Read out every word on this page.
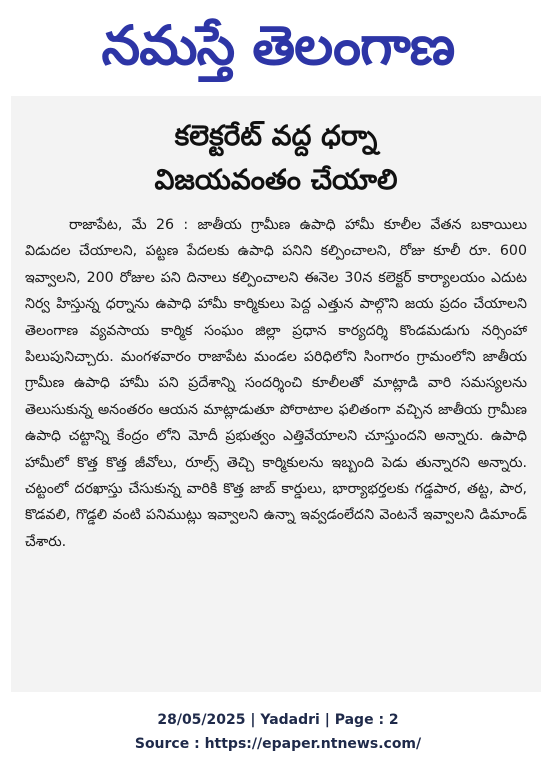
నమస్తే తెలంగాణ
కలెక్టరేట్ వద్ద ధర్నా
విజయవంతం చేయాలి

రాజాపేట, మే 26 : జాతీయ గ్రామీణ ఉపాధి హామీ కూలీల వేతన బకాయిలు విడుదల చేయాలని, పట్టణ పేదలకు ఉపాధి పనిని కల్పించాలని, రోజు కూలీ రూ. 600 ఇవ్వాలని, 200 రోజుల పని దినాలు కల్పించాలని ఈనెల 30న కలెక్టర్ కార్యాలయం ఎదుట నిర్వ హిస్తున్న ధర్నాను ఉపాధి హామీ కార్మికులు పెద్ద ఎత్తున పాల్గొని జయ ప్రదం చేయాలని తెలంగాణ వ్యవసాయ కార్మిక సంఘం జిల్లా ప్రధాన కార్యదర్శి కొండమడుగు నర్సింహా పిలుపునిచ్చారు. మంగళవారం రాజాపేట మండల పరిధిలోని సింగారం గ్రామంలోని జాతీయ గ్రామీణ ఉపాధి హామీ పని ప్రదేశాన్ని సందర్శించి కూలీలతో మాట్లాడి వారి సమస్యలను తెలుసుకున్న అనంతరం ఆయన మాట్లాడుతూ పోరాటాల ఫలితంగా వచ్చిన జాతీయ గ్రామీణ ఉపాధి చట్టాన్ని కేంద్రం లోని మోదీ ప్రభుత్వం ఎత్తివేయాలని చూస్తుందని అన్నారు. ఉపాధి హామీలో కొత్త కొత్త జీవోలు, రూల్స్ తెచ్చి కార్మికులను ఇబ్బంది పెడు తున్నారని అన్నారు. చట్టంలో దరఖాస్తు చేసుకున్న వారికి కొత్త జాబ్ కార్డులు, భార్యాభర్తలకు గడ్డపార, తట్ట, పార, కొడవలి, గొడ్డలి వంటి పనిముట్లు ఇవ్వాలని ఉన్నా ఇవ్వడంలేదని వెంటనే ఇవ్వాలని డిమాండ్ చేశారు.

28/05/2025 | Yadadri | Page : 2
Source : https://epaper.ntnews.com/
